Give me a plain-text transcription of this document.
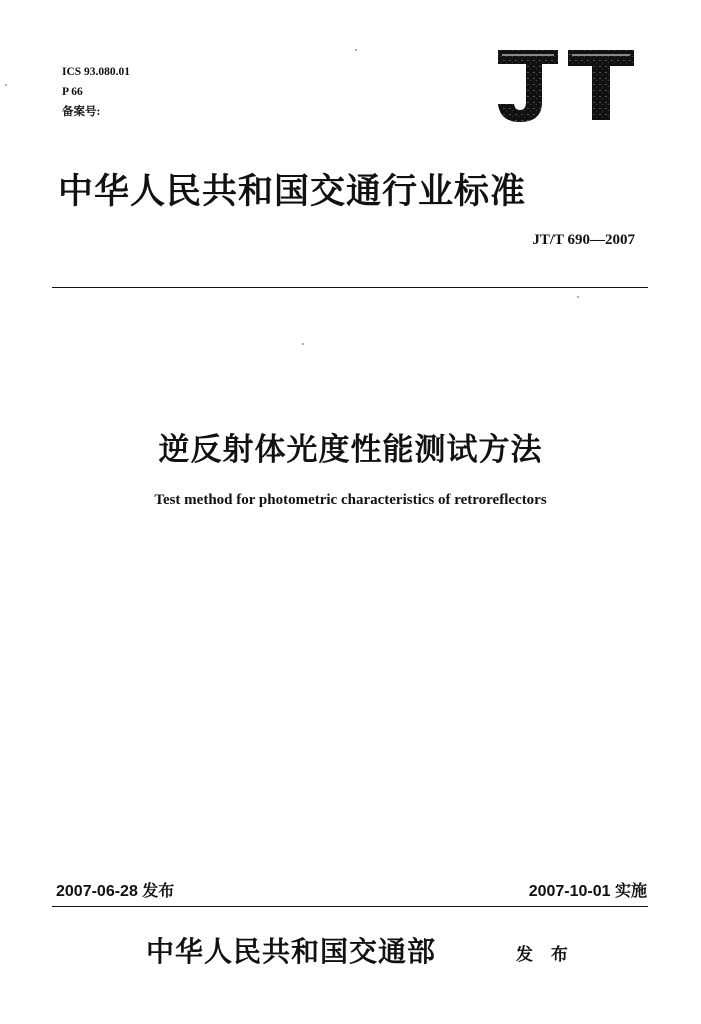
ICS 93.080.01
P 66
备案号:
中华人民共和国交通行业标准
JT/T 690—2007
逆反射体光度性能测试方法
Test method for photometric characteristics of retroreflectors
2007-06-28 发布	2007-10-01 实施
中华人民共和国交通部	发 布
